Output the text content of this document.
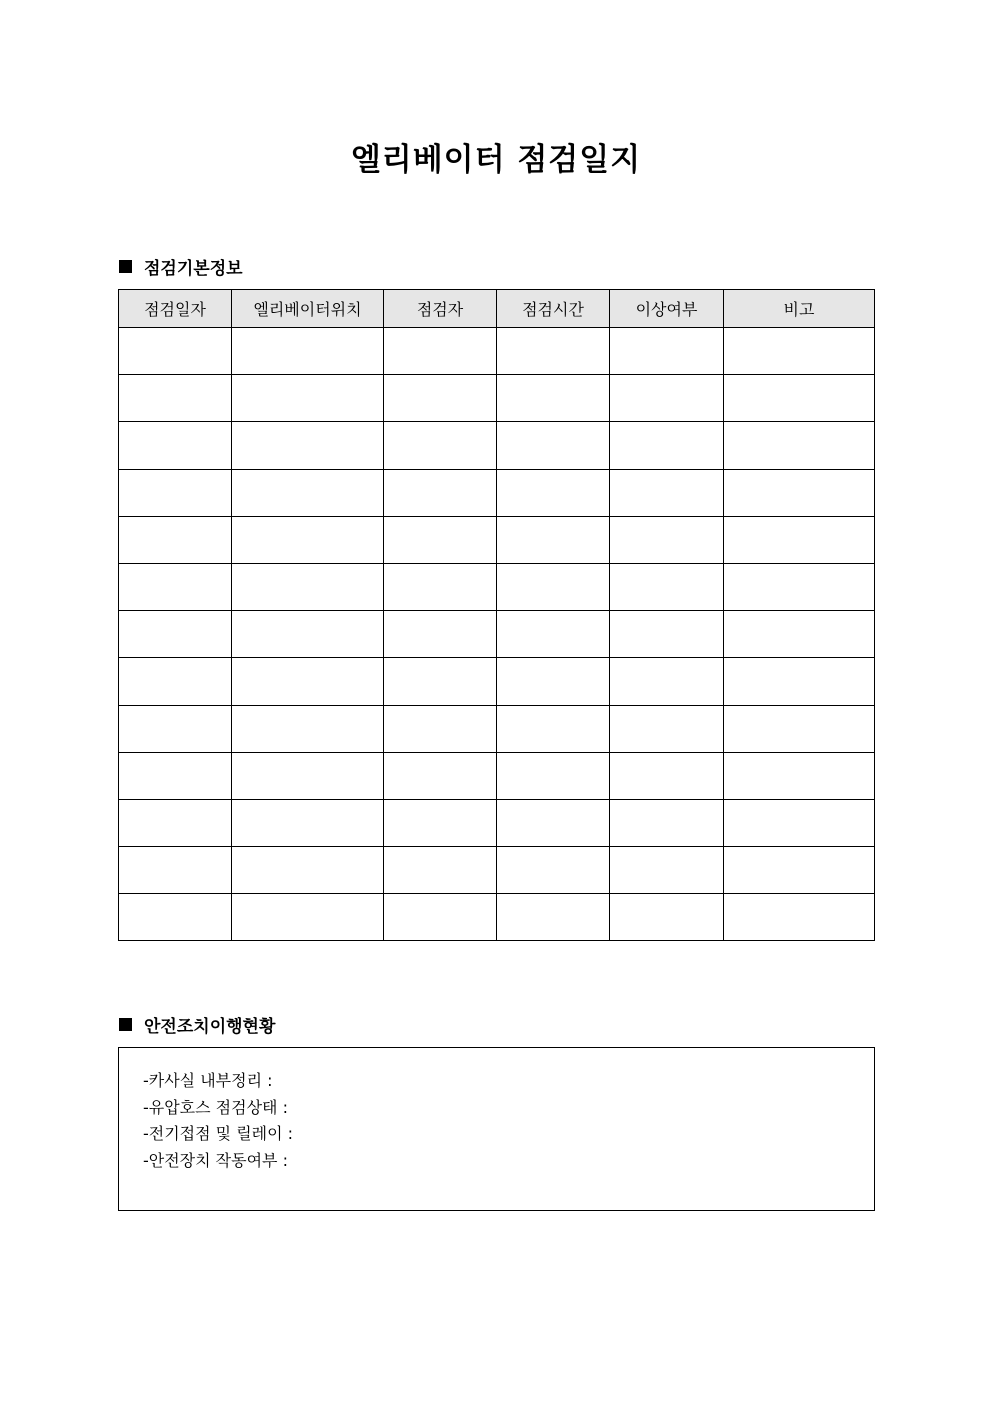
엘리베이터 점검일지
점검기본정보
점검일자	엘리베이터위치	점검자	점검시간	이상여부	비고

안전조치이행현황
-카사실 내부정리 :
-유압호스 점검상태 :
-전기접점 및 릴레이 :
-안전장치 작동여부 :
